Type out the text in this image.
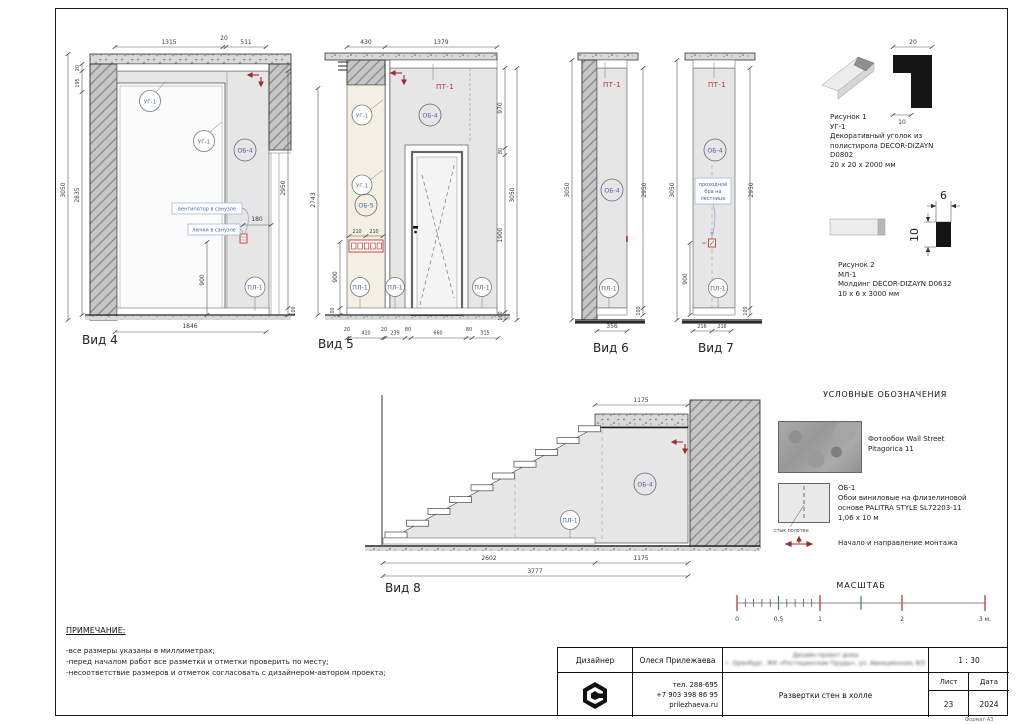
1315
20
511
1846
3050 2835
20
195
2950
100
180
900
УГ-1
УГ-1
ОБ-4
ПЛ-1
вентилятор в санузле
лючки в санузле
Вид 4
430	1379
210 210
ПТ-1
ОБ-4
УГ-1
УГ-1
ОБ-5
ПЛ-1	ПЛ-1	ПЛ-1
2743
900
100
970
80
1900
100
3050
20
410
20
239
80
660
80
315
Вид 5
ПТ-1
ОБ-4
ПЛ-1
3050	2950
100
356
Вид 6
ПТ-1
ОБ-4
проходной
бра на
лестнице
ПЛ-1
3050
900
2950
100
216 216
Вид 7
ОБ-4
ПЛ-1
1175
2602	1175
3777
Вид 8
20
10
Рисунок 1
УГ-1
Декоративный уголок из
полистирола DECOR-DIZAYN
D0802
20 x 20 x 2000 мм
6
10
Рисунок 2
МЛ-1
Молдинг DECOR-DIZAYN D0632
10 x 6 x 3000 мм
УСЛОВНЫЕ ОБОЗНАЧЕНИЯ
Фотообои Wall Street
Pitagorica 11
стык полотен
ОБ-1
Обои виниловые на флизелиновой
основе PALITRA STYLE SL72203-11
1,06 x 10 м
Начало и направление монтажа
МАСШТАБ
0	0,5	1	2	3 м.
ПРИМЕЧАНИЕ:
-все размеры указаны в миллиметрах;
-перед началом работ все разметки и отметки проверить по месту;
-несоответствие размеров и отметок согласовать с дизайнером-автором проекта;
Дизайнер	Олеся Прилежаева	Дизайн-проект дома
г. Оренбург, ЖК «Ростошинские Пруды», ул. Авиационная, 8/5	1 : 30
тел. 288-695
+7 903 398 86 95
prilezhaeva.ru
Развертки стен в холле
Лист	Дата
23	2024
Формат А3
